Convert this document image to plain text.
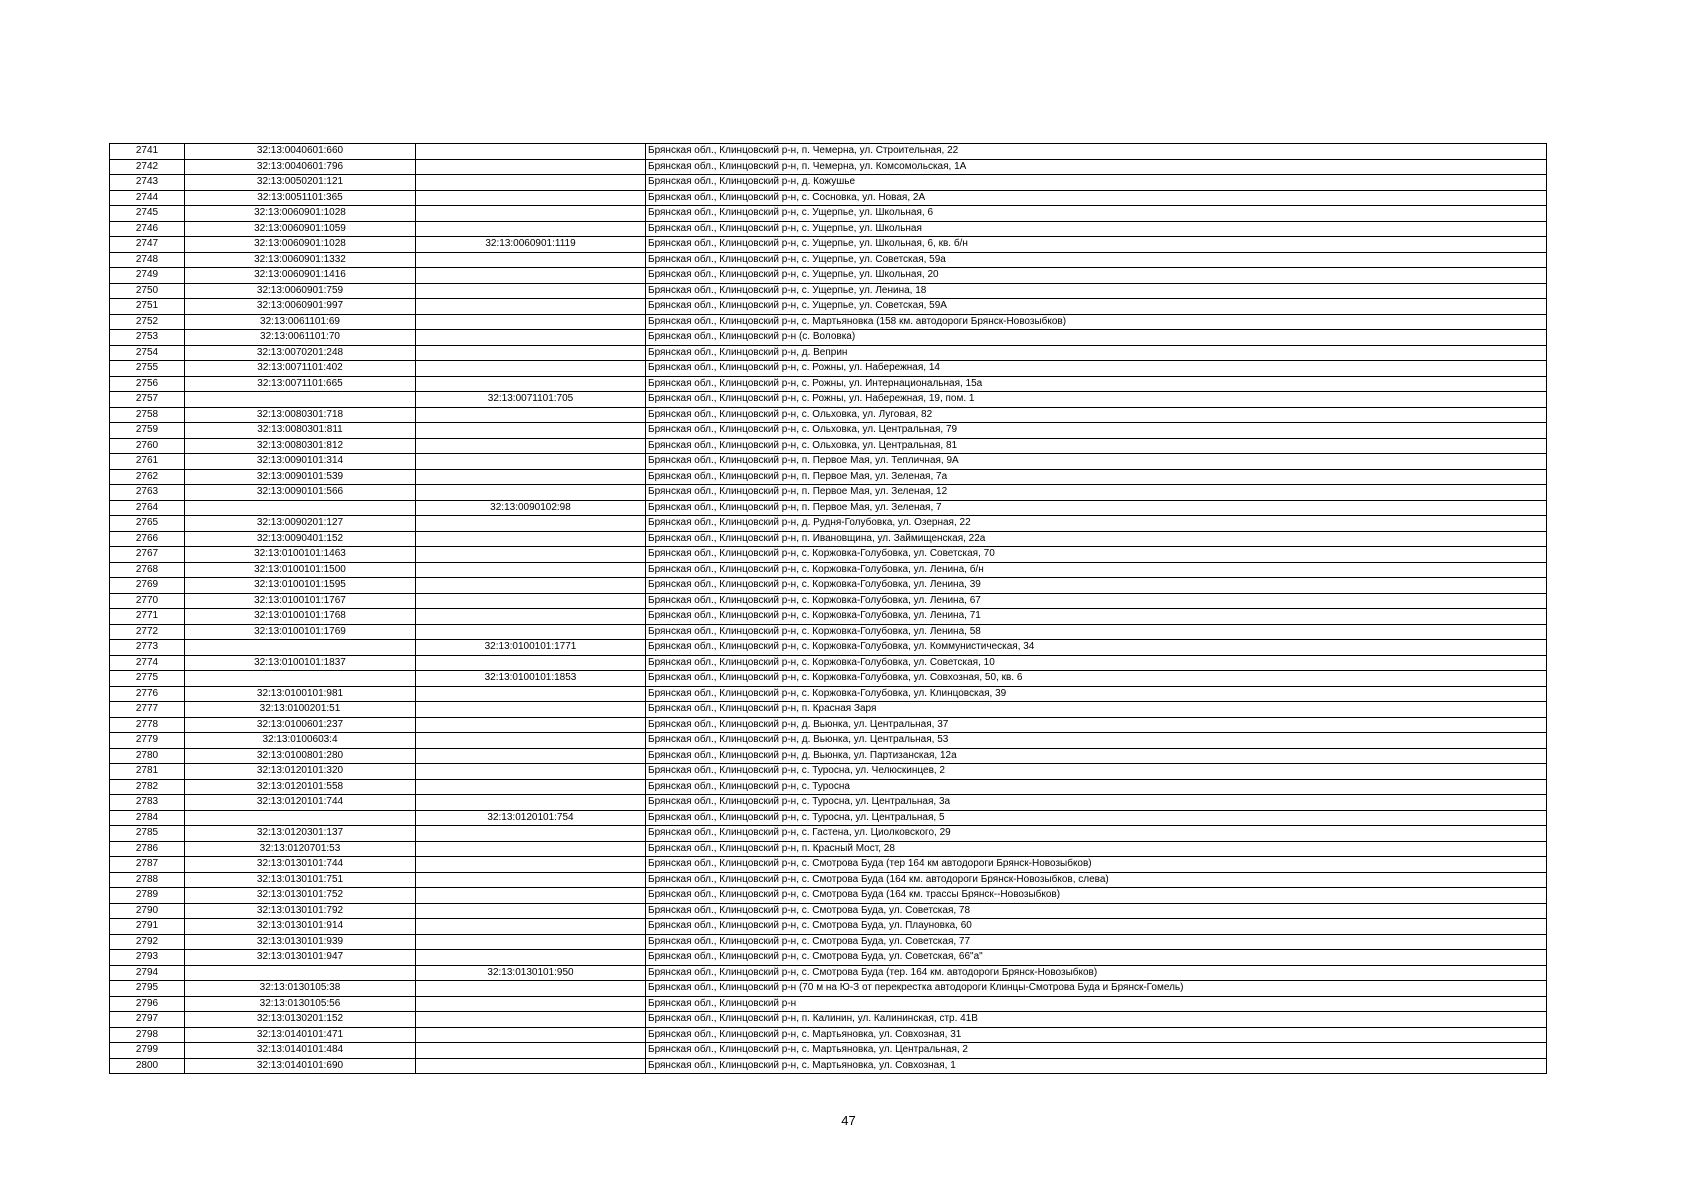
2741	32:13:0040601:660		Брянская обл., Клинцовский р-н, п. Чемерна, ул. Строительная, 22
2742	32:13:0040601:796		Брянская обл., Клинцовский р-н, п. Чемерна, ул. Комсомольская, 1А
2743	32:13:0050201:121		Брянская обл., Клинцовский р-н, д. Кожушье
2744	32:13:0051101:365		Брянская обл., Клинцовский р-н, с. Сосновка, ул. Новая, 2А
2745	32:13:0060901:1028		Брянская обл., Клинцовский р-н, с. Ущерпье, ул. Школьная, 6
2746	32:13:0060901:1059		Брянская обл., Клинцовский р-н, с. Ущерпье, ул. Школьная
2747	32:13:0060901:1028	32:13:0060901:1119	Брянская обл., Клинцовский р-н, с. Ущерпье, ул. Школьная, 6, кв. б/н
2748	32:13:0060901:1332		Брянская обл., Клинцовский р-н, с. Ущерпье, ул. Советская, 59а
2749	32:13:0060901:1416		Брянская обл., Клинцовский р-н, с. Ущерпье, ул. Школьная, 20
2750	32:13:0060901:759		Брянская обл., Клинцовский р-н, с. Ущерпье, ул. Ленина, 18
2751	32:13:0060901:997		Брянская обл., Клинцовский р-н, с. Ущерпье, ул. Советская, 59А
2752	32:13:0061101:69		Брянская обл., Клинцовский р-н, с. Мартьяновка (158 км. автодороги Брянск-Новозыбков)
2753	32:13:0061101:70		Брянская обл., Клинцовский р-н (с. Воловка)
2754	32:13:0070201:248		Брянская обл., Клинцовский р-н, д. Веприн
2755	32:13:0071101:402		Брянская обл., Клинцовский р-н, с. Рожны, ул. Набережная, 14
2756	32:13:0071101:665		Брянская обл., Клинцовский р-н, с. Рожны, ул. Интернациональная, 15а
2757		32:13:0071101:705	Брянская обл., Клинцовский р-н, с. Рожны, ул. Набережная, 19, пом. 1
2758	32:13:0080301:718		Брянская обл., Клинцовский р-н, с. Ольховка, ул. Луговая, 82
2759	32:13:0080301:811		Брянская обл., Клинцовский р-н, с. Ольховка, ул. Центральная, 79
2760	32:13:0080301:812		Брянская обл., Клинцовский р-н, с. Ольховка, ул. Центральная, 81
2761	32:13:0090101:314		Брянская обл., Клинцовский р-н, п. Первое Мая, ул. Тепличная, 9А
2762	32:13:0090101:539		Брянская обл., Клинцовский р-н, п. Первое Мая, ул. Зеленая, 7а
2763	32:13:0090101:566		Брянская обл., Клинцовский р-н, п. Первое Мая, ул. Зеленая, 12
2764		32:13:0090102:98	Брянская обл., Клинцовский р-н, п. Первое Мая, ул. Зеленая, 7
2765	32:13:0090201:127		Брянская обл., Клинцовский р-н, д. Рудня-Голубовка, ул. Озерная, 22
2766	32:13:0090401:152		Брянская обл., Клинцовский р-н, п. Ивановщина, ул. Займищенская, 22а
2767	32:13:0100101:1463		Брянская обл., Клинцовский р-н, с. Коржовка-Голубовка, ул. Советская, 70
2768	32:13:0100101:1500		Брянская обл., Клинцовский р-н, с. Коржовка-Голубовка, ул. Ленина, б/н
2769	32:13:0100101:1595		Брянская обл., Клинцовский р-н, с. Коржовка-Голубовка, ул. Ленина, 39
2770	32:13:0100101:1767		Брянская обл., Клинцовский р-н, с. Коржовка-Голубовка, ул. Ленина, 67
2771	32:13:0100101:1768		Брянская обл., Клинцовский р-н, с. Коржовка-Голубовка, ул. Ленина, 71
2772	32:13:0100101:1769		Брянская обл., Клинцовский р-н, с. Коржовка-Голубовка, ул. Ленина, 58
2773		32:13:0100101:1771	Брянская обл., Клинцовский р-н, с. Коржовка-Голубовка, ул. Коммунистическая, 34
2774	32:13:0100101:1837		Брянская обл., Клинцовский р-н, с. Коржовка-Голубовка, ул. Советская, 10
2775		32:13:0100101:1853	Брянская обл., Клинцовский р-н, с. Коржовка-Голубовка, ул. Совхозная, 50, кв. 6
2776	32:13:0100101:981		Брянская обл., Клинцовский р-н, с. Коржовка-Голубовка, ул. Клинцовская, 39
2777	32:13:0100201:51		Брянская обл., Клинцовский р-н, п. Красная Заря
2778	32:13:0100601:237		Брянская обл., Клинцовский р-н, д. Вьюнка, ул. Центральная, 37
2779	32:13:0100603:4		Брянская обл., Клинцовский р-н, д. Вьюнка, ул. Центральная, 53
2780	32:13:0100801:280		Брянская обл., Клинцовский р-н, д. Вьюнка, ул. Партизанская, 12а
2781	32:13:0120101:320		Брянская обл., Клинцовский р-н, с. Туросна, ул. Челюскинцев, 2
2782	32:13:0120101:558		Брянская обл., Клинцовский р-н, с. Туросна
2783	32:13:0120101:744		Брянская обл., Клинцовский р-н, с. Туросна, ул. Центральная, 3а
2784		32:13:0120101:754	Брянская обл., Клинцовский р-н, с. Туросна, ул. Центральная, 5
2785	32:13:0120301:137		Брянская обл., Клинцовский р-н, с. Гастена, ул. Циолковского, 29
2786	32:13:0120701:53		Брянская обл., Клинцовский р-н, п. Красный Мост, 28
2787	32:13:0130101:744		Брянская обл., Клинцовский р-н, с. Смотрова Буда (тер 164 км автодороги Брянск-Новозыбков)
2788	32:13:0130101:751		Брянская обл., Клинцовский р-н, с. Смотрова Буда (164 км. автодороги Брянск-Новозыбков, слева)
2789	32:13:0130101:752		Брянская обл., Клинцовский р-н, с. Смотрова Буда (164 км. трассы Брянск--Новозыбков)
2790	32:13:0130101:792		Брянская обл., Клинцовский р-н, с. Смотрова Буда, ул. Советская, 78
2791	32:13:0130101:914		Брянская обл., Клинцовский р-н, с. Смотрова Буда, ул. Плауновка, 60
2792	32:13:0130101:939		Брянская обл., Клинцовский р-н, с. Смотрова Буда, ул. Советская, 77
2793	32:13:0130101:947		Брянская обл., Клинцовский р-н, с. Смотрова Буда, ул. Советская, 66"а"
2794		32:13:0130101:950	Брянская обл., Клинцовский р-н, с. Смотрова Буда (тер. 164 км. автодороги Брянск-Новозыбков)
2795	32:13:0130105:38		Брянская обл., Клинцовский р-н (70 м на Ю-З от перекрестка автодороги Клинцы-Смотрова Буда и Брянск-Гомель)
2796	32:13:0130105:56		Брянская обл., Клинцовский р-н
2797	32:13:0130201:152		Брянская обл., Клинцовский р-н, п. Калинин, ул. Калининская, стр. 41В
2798	32:13:0140101:471		Брянская обл., Клинцовский р-н, с. Мартьяновка, ул. Совхозная, 31
2799	32:13:0140101:484		Брянская обл., Клинцовский р-н, с. Мартьяновка, ул. Центральная, 2
2800	32:13:0140101:690		Брянская обл., Клинцовский р-н, с. Мартьяновка, ул. Совхозная, 1
47
